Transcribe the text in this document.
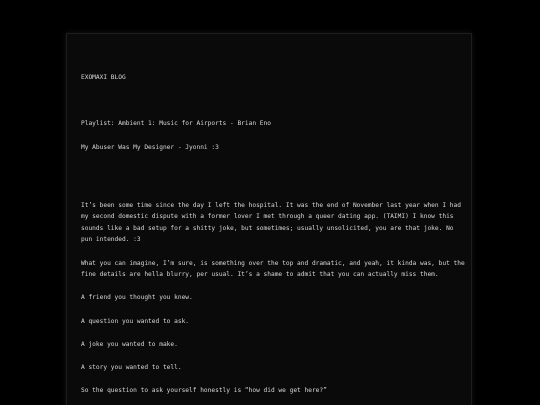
EXOMAXI BLOG

Playlist: Ambient 1: Music for Airports - Brian Eno

My Abuser Was My Designer - Jyonni :3

It’s been some time since the day I left the hospital. It was the end of November last year when I had my second domestic dispute with a former lover I met through a queer dating app. (TAIMI) I know this sounds like a bad setup for a shitty joke, but sometimes; usually unsolicited, you are that joke. No pun intended. :3

What you can imagine, I’m sure, is something over the top and dramatic, and yeah, it kinda was, but the fine details are hella blurry, per usual. It’s a shame to admit that you can actually miss them.

A friend you thought you knew.

A question you wanted to ask.

A joke you wanted to make.

A story you wanted to tell.

So the question to ask yourself honestly is “how did we get here?”
